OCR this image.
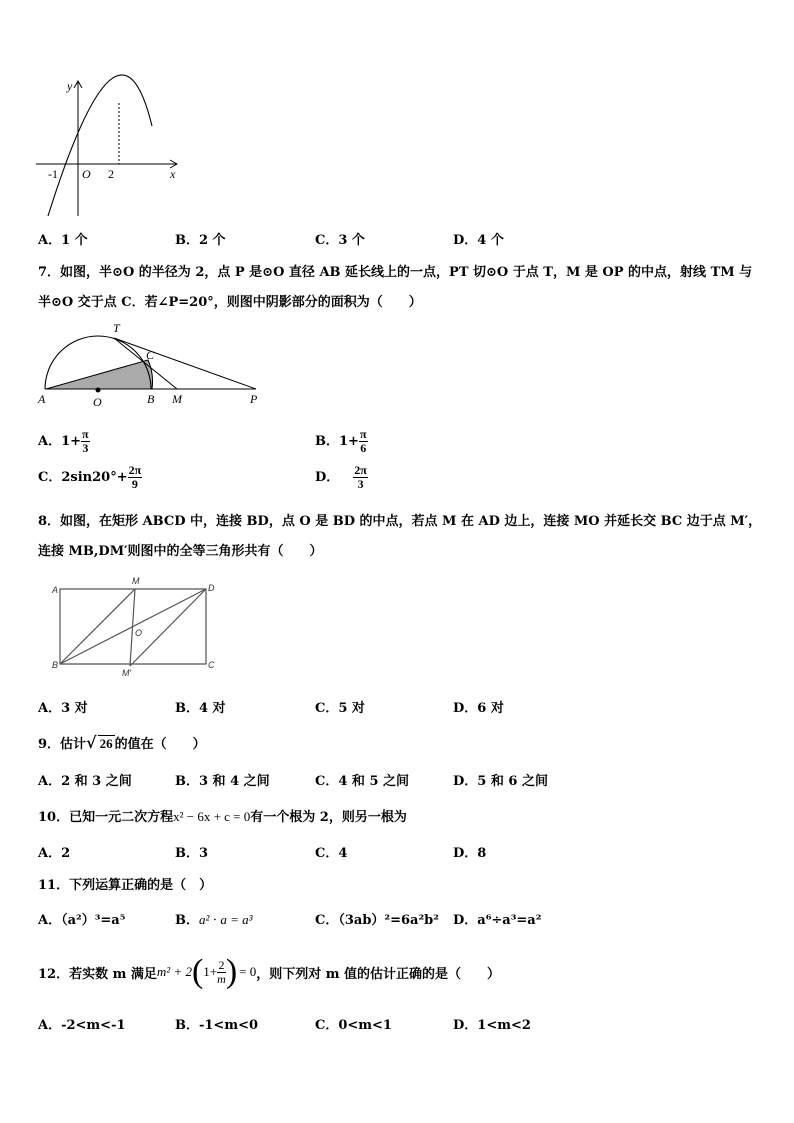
y
x
-1 O 2
A．1 个	B．2 个	C．3 个	D．4 个
7．如图，半⊙O 的半径为 2，点 P 是⊙O 直径 AB 延长线上的一点，PT 切⊙O 于点 T，M 是 OP 的中点，射线 TM 与
半⊙O 交于点 C．若∠P=20°，则图中阴影部分的面积为（　　）
T
C
A	O	B M	P
A．$1+ \frac{\pi}{3}$	B．$1+ \frac{\pi}{6}$
C．$2\sin 20^\circ+ \frac{2\pi}{9}$	D． $\frac{2\pi}{3}$
8．如图，在矩形 ABCD 中，连接 BD，点 O 是 BD 的中点，若点 M 在 AD 边上，连接 MO 并延长交 BC 边于点 M′，
连接 MB,DM′则图中的全等三角形共有（　　）
A
M
D
O
B
M′
C
A．3 对	B．4 对	C．5 对	D．6 对
9．估计√ 26 的值在（　　）
A．2 和 3 之间	B．3 和 4 之间	C．4 和 5 之间	D．5 和 6 之间
10．已知一元二次方程x² − 6x + c = 0有一个根为 2，则另一根为
A．2	B．3	C．4	D．8
11．下列运算正确的是（　）
A．（a²）³=a⁵	B．a² ⋅ a = a³	C．（3ab）²=6a²b² D．a⁶÷a³=a²
12．若实数 m 满足 m² + 2 ( $1+ \frac{2}{m}$ ) = 0 ，则下列对 m 值的估计正确的是（　　）
A．-2<m<-1	B．-1<m<0	C．0<m<1	D．1<m<2
